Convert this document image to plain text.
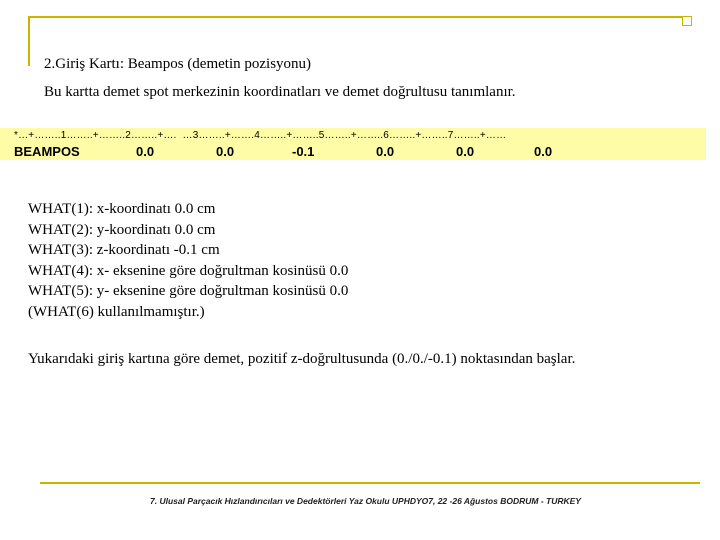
2.Giriş Kartı: Beampos (demetin pozisyonu)
Bu kartta demet spot merkezinin koordinatları ve demet doğrultusu tanımlanır.
*…+……..1……..+……..2……..+….  …3……..+…….4……..+……..5……..+……..6……..+……..7……..+……
BEAMPOS	0.0	0.0	-0.1	0.0	0.0	0.0
WHAT(1): x-koordinatı 0.0 cm
WHAT(2): y-koordinatı 0.0 cm
WHAT(3): z-koordinatı -0.1 cm
WHAT(4): x- eksenine göre doğrultman kosinüsü 0.0
WHAT(5): y- eksenine göre doğrultman kosinüsü 0.0
(WHAT(6) kullanılmamıştır.)
Yukarıdaki giriş kartına göre demet, pozitif z-doğrultusunda (0./0./-0.1) noktasından başlar.
7. Ulusal Parçacık Hızlandırıcıları ve Dedektörleri Yaz Okulu UPHDYO7, 22 -26 Ağustos BODRUM - TURKEY
